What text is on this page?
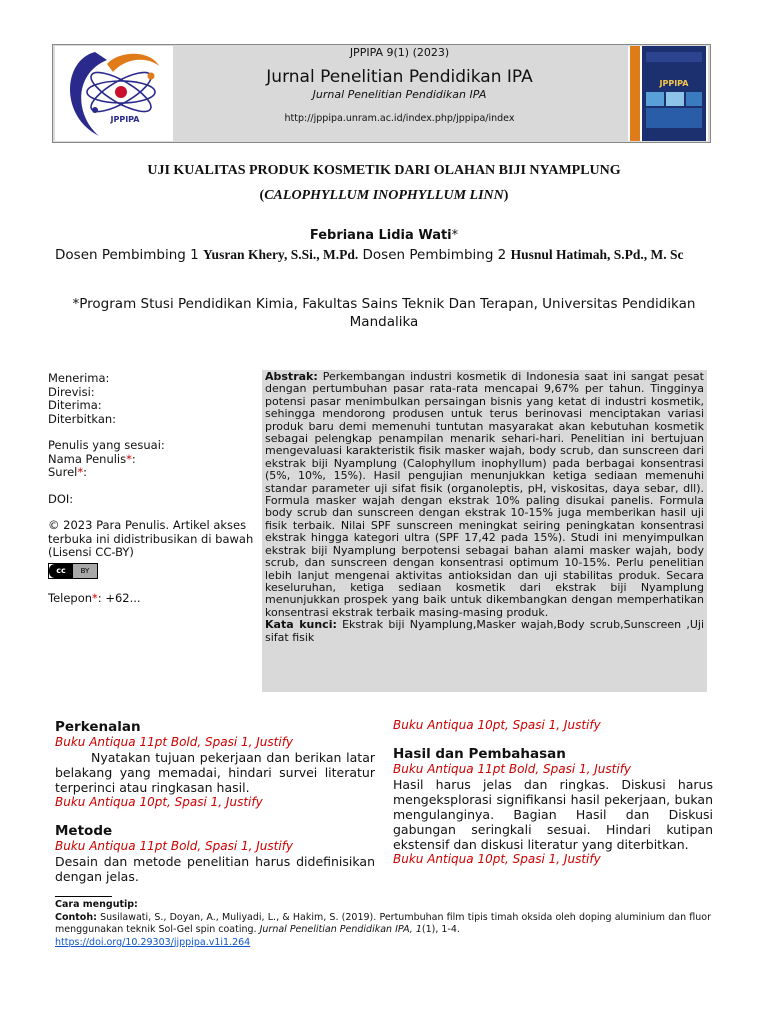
JPPIPA
JPPIPA 9(1) (2023)
Jurnal Penelitian Pendidikan IPA
Jurnal Penelitian Pendidikan IPA
http://jppipa.unram.ac.id/index.php/jppipa/index
JPPIPA
UJI KUALITAS PRODUK KOSMETIK DARI OLAHAN BIJI NYAMPLUNG
(CALOPHYLLUM INOPHYLLUM LINN)
Febriana Lidia Wati*
Dosen Pembimbing 1 Yusran Khery, S.Si., M.Pd. Dosen Pembimbing 2 Husnul Hatimah, S.Pd., M. Sc
*Program Stusi Pendidikan Kimia, Fakultas Sains Teknik Dan Terapan, Universitas Pendidikan Mandalika
Menerima:
Direvisi:
Diterima:
Diterbitkan:
Penulis yang sesuai:
Nama Penulis*:
Surel*:
DOI:
© 2023 Para Penulis. Artikel akses terbuka ini didistribusikan di bawah (Lisensi CC-BY)
cc	BY
Telepon*: +62...
Abstrak: Perkembangan industri kosmetik di Indonesia saat ini sangat pesat dengan pertumbuhan pasar rata-rata mencapai 9,67% per tahun. Tingginya potensi pasar menimbulkan persaingan bisnis yang ketat di industri kosmetik, sehingga mendorong produsen untuk terus berinovasi menciptakan variasi produk baru demi memenuhi tuntutan masyarakat akan kebutuhan kosmetik sebagai pelengkap penampilan menarik sehari-hari. Penelitian ini bertujuan mengevaluasi karakteristik fisik masker wajah, body scrub, dan sunscreen dari ekstrak biji Nyamplung (Calophyllum inophyllum) pada berbagai konsentrasi (5%, 10%, 15%). Hasil pengujian menunjukkan ketiga sediaan memenuhi standar parameter uji sifat fisik (organoleptis, pH, viskositas, daya sebar, dll). Formula masker wajah dengan ekstrak 10% paling disukai panelis. Formula body scrub dan sunscreen dengan ekstrak 10-15% juga memberikan hasil uji fisik terbaik. Nilai SPF sunscreen meningkat seiring peningkatan konsentrasi ekstrak hingga kategori ultra (SPF 17,42 pada 15%). Studi ini menyimpulkan ekstrak biji Nyamplung berpotensi sebagai bahan alami masker wajah, body scrub, dan sunscreen dengan konsentrasi optimum 10-15%. Perlu penelitian lebih lanjut mengenai aktivitas antioksidan dan uji stabilitas produk. Secara keseluruhan, ketiga sediaan kosmetik dari ekstrak biji Nyamplung menunjukkan prospek yang baik untuk dikembangkan dengan memperhatikan konsentrasi ekstrak terbaik masing-masing produk.
Kata kunci: Ekstrak biji Nyamplung,Masker wajah,Body scrub,Sunscreen ,Uji sifat fisik
Perkenalan
Buku Antiqua 11pt Bold, Spasi 1, Justify
Nyatakan tujuan pekerjaan dan berikan latar belakang yang memadai, hindari survei literatur terperinci atau ringkasan hasil.
Buku Antiqua 10pt, Spasi 1, Justify
Metode
Buku Antiqua 11pt Bold, Spasi 1, Justify
Desain dan metode penelitian harus didefinisikan dengan jelas.
Buku Antiqua 10pt, Spasi 1, Justify
Hasil dan Pembahasan
Buku Antiqua 11pt Bold, Spasi 1, Justify
Hasil harus jelas dan ringkas. Diskusi harus mengeksplorasi signifikansi hasil pekerjaan, bukan mengulanginya. Bagian Hasil dan Diskusi gabungan seringkali sesuai. Hindari kutipan ekstensif dan diskusi literatur yang diterbitkan.
Buku Antiqua 10pt, Spasi 1, Justify
Cara mengutip:
Contoh: Susilawati, S., Doyan, A., Muliyadi, L., & Hakim, S. (2019). Pertumbuhan film tipis timah oksida oleh doping aluminium dan fluor menggunakan teknik Sol-Gel spin coating. Jurnal Penelitian Pendidikan IPA, 1(1), 1-4.
https://doi.org/10.29303/jjppipa.v1i1.264
